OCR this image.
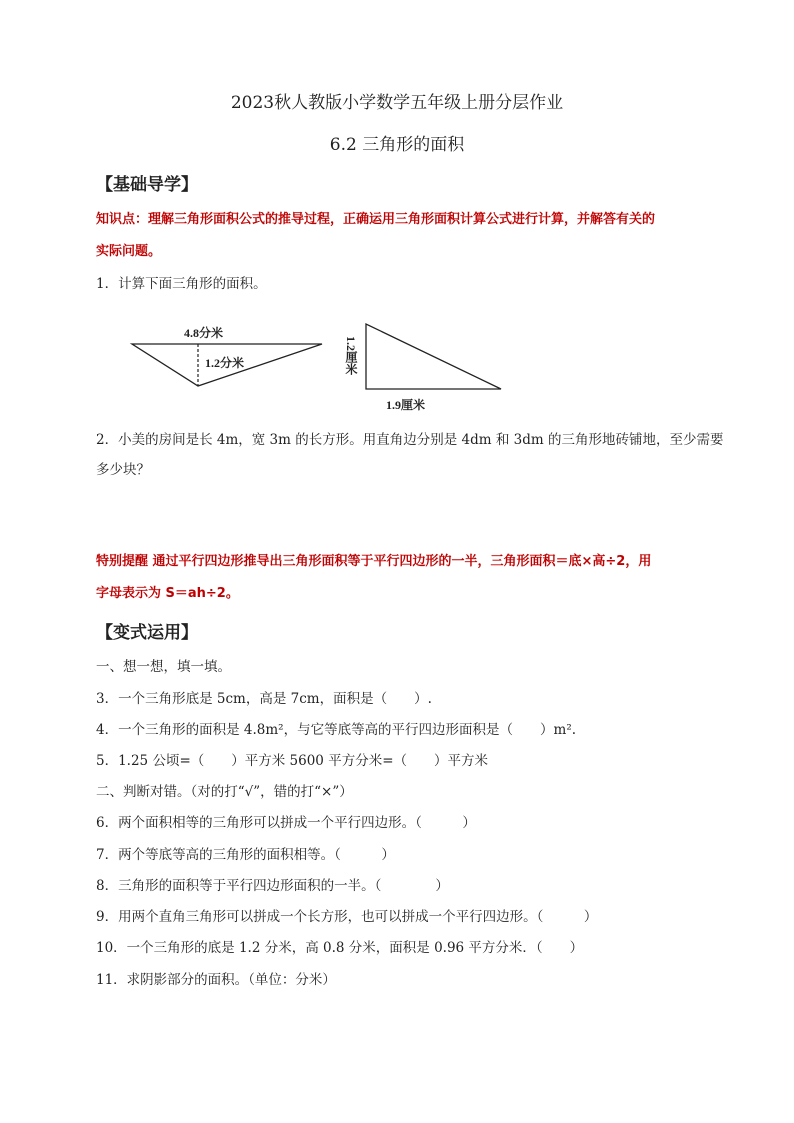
2023秋人教版小学数学五年级上册分层作业
6.2 三角形的面积
【基础导学】
知识点：理解三角形面积公式的推导过程，正确运用三角形面积计算公式进行计算，并解答有关的
实际问题。
1．计算下面三角形的面积。
4.8分米
1.2分米	1.2厘米
1.9厘米
2．小美的房间是长 4m，宽 3m 的长方形。用直角边分别是 4dm 和 3dm 的三角形地砖铺地，至少需要
多少块？
特别提醒 通过平行四边形推导出三角形面积等于平行四边形的一半，三角形面积＝底×高÷2，用
字母表示为 S＝ah÷2。
【变式运用】
一、想一想，填一填。
3．一个三角形底是 5cm，高是 7cm，面积是（　　）.
4．一个三角形的面积是 4.8m²，与它等底等高的平行四边形面积是（　　）m².
5．1.25 公顷=（　　）平方米 5600 平方分米=（　　）平方米
二、判断对错。（对的打“√”，错的打“×”）
6．两个面积相等的三角形可以拼成一个平行四边形。（　　　）
7．两个等底等高的三角形的面积相等。（　　　）
8．三角形的面积等于平行四边形面积的一半。（　　　　）
9．用两个直角三角形可以拼成一个长方形，也可以拼成一个平行四边形。（　　　）
10．一个三角形的底是 1.2 分米，高 0.8 分米，面积是 0.96 平方分米．（　　）
11．求阴影部分的面积。（单位：分米）
